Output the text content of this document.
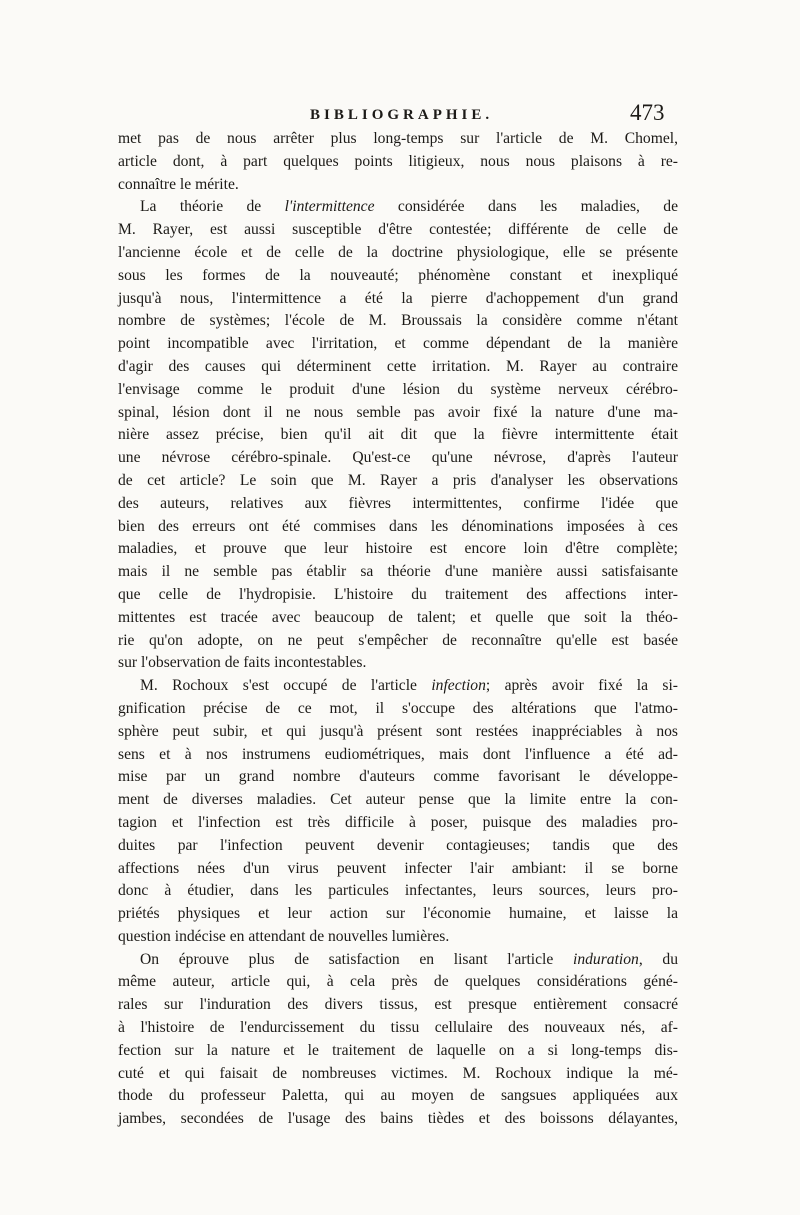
BIBLIOGRAPHIE.	473
met pas de nous arrêter plus long-temps sur l'article de M. Chomel,
article dont, à part quelques points litigieux, nous nous plaisons à re-
connaître le mérite.
La théorie de l'intermittence considérée dans les maladies, de
M. Rayer, est aussi susceptible d'être contestée; différente de celle de
l'ancienne école et de celle de la doctrine physiologique, elle se présente
sous les formes de la nouveauté; phénomène constant et inexpliqué
jusqu'à nous, l'intermittence a été la pierre d'achoppement d'un grand
nombre de systèmes; l'école de M. Broussais la considère comme n'étant
point incompatible avec l'irritation, et comme dépendant de la manière
d'agir des causes qui déterminent cette irritation. M. Rayer au contraire
l'envisage comme le produit d'une lésion du système nerveux cérébro-
spinal, lésion dont il ne nous semble pas avoir fixé la nature d'une ma-
nière assez précise, bien qu'il ait dit que la fièvre intermittente était
une névrose cérébro-spinale. Qu'est-ce qu'une névrose, d'après l'auteur
de cet article? Le soin que M. Rayer a pris d'analyser les observations
des auteurs, relatives aux fièvres intermittentes, confirme l'idée que
bien des erreurs ont été commises dans les dénominations imposées à ces
maladies, et prouve que leur histoire est encore loin d'être complète;
mais il ne semble pas établir sa théorie d'une manière aussi satisfaisante
que celle de l'hydropisie. L'histoire du traitement des affections inter-
mittentes est tracée avec beaucoup de talent; et quelle que soit la théo-
rie qu'on adopte, on ne peut s'empêcher de reconnaître qu'elle est basée
sur l'observation de faits incontestables.
M. Rochoux s'est occupé de l'article infection; après avoir fixé la si-
gnification précise de ce mot, il s'occupe des altérations que l'atmo-
sphère peut subir, et qui jusqu'à présent sont restées inappréciables à nos
sens et à nos instrumens eudiométriques, mais dont l'influence a été ad-
mise par un grand nombre d'auteurs comme favorisant le développe-
ment de diverses maladies. Cet auteur pense que la limite entre la con-
tagion et l'infection est très difficile à poser, puisque des maladies pro-
duites par l'infection peuvent devenir contagieuses; tandis que des
affections nées d'un virus peuvent infecter l'air ambiant: il se borne
donc à étudier, dans les particules infectantes, leurs sources, leurs pro-
priétés physiques et leur action sur l'économie humaine, et laisse la
question indécise en attendant de nouvelles lumières.
On éprouve plus de satisfaction en lisant l'article induration, du
même auteur, article qui, à cela près de quelques considérations géné-
rales sur l'induration des divers tissus, est presque entièrement consacré
à l'histoire de l'endurcissement du tissu cellulaire des nouveaux nés, af-
fection sur la nature et le traitement de laquelle on a si long-temps dis-
cuté et qui faisait de nombreuses victimes. M. Rochoux indique la mé-
thode du professeur Paletta, qui au moyen de sangsues appliquées aux
jambes, secondées de l'usage des bains tièdes et des boissons délayantes,
